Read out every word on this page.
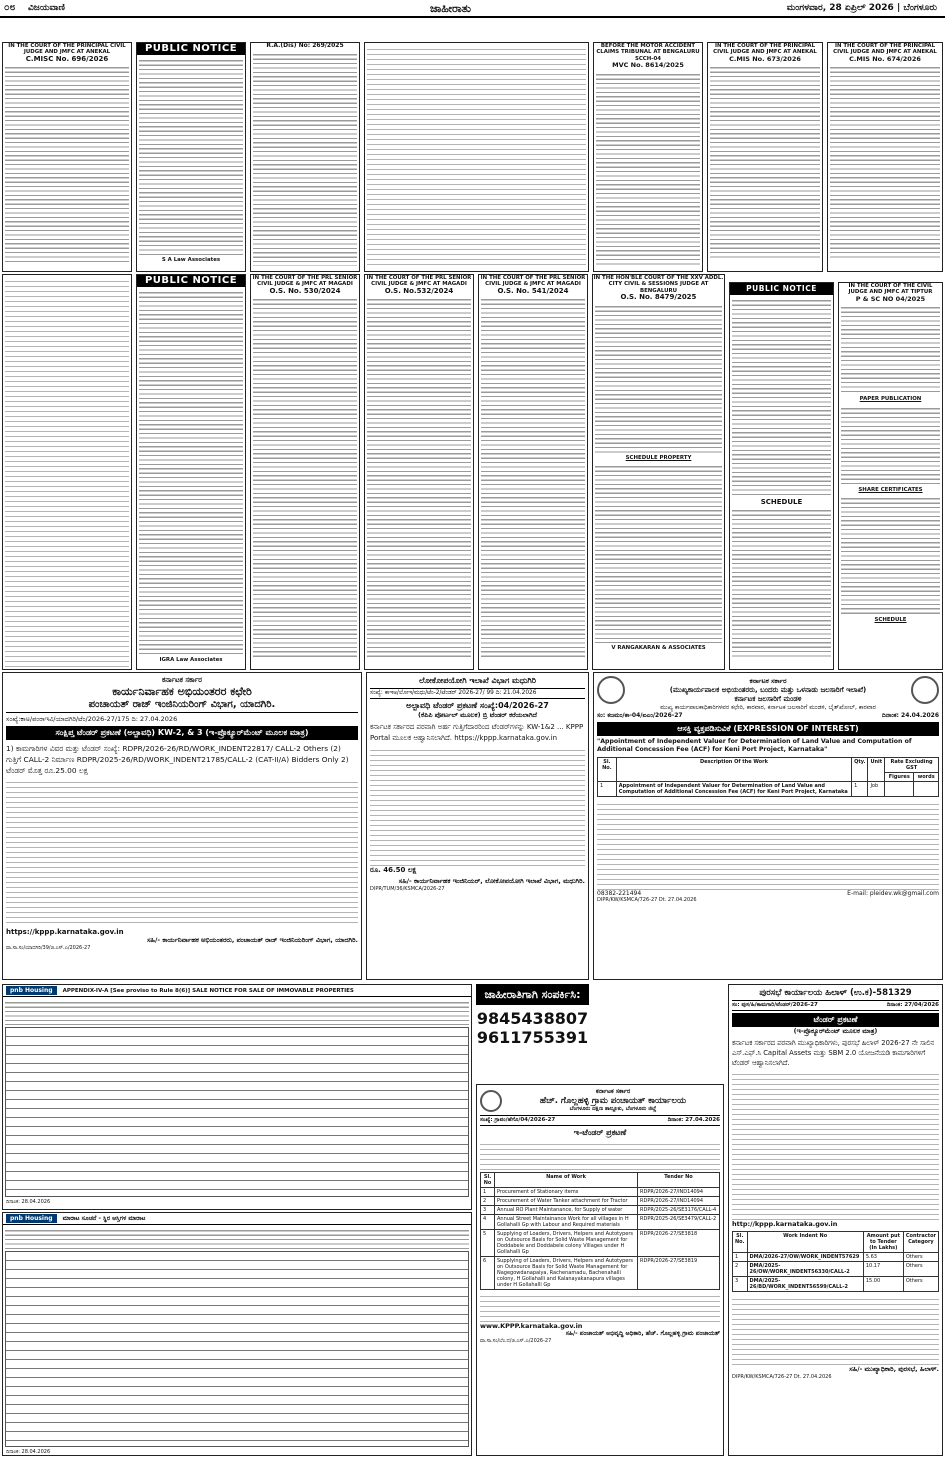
೦೮ ವಿಜಯವಾಣಿ	ಜಾಹೀರಾತು	ಮಂಗಳವಾರ, 28 ಏಪ್ರಿಲ್ 2026 | ಬೆಂಗಳೂರು
IN THE COURT OF THE PRINCIPAL CIVIL JUDGE AND JMFC AT ANEKAL
C.MISC No. 696/2026
PUBLIC NOTICE
S A Law Associates
R.A.(Dis) No: 269/2025	BEFORE THE MOTOR ACCIDENT CLAIMS TRIBUNAL AT BENGALURU SCCH-04
MVC No. 8614/2025
IN THE COURT OF THE PRINCIPAL CIVIL JUDGE AND JMFC AT ANEKAL
C.MIS No. 673/2026
IN THE COURT OF THE PRINCIPAL CIVIL JUDGE AND JMFC AT ANEKAL
C.MIS No. 674/2026
PUBLIC NOTICE
IGRA Law Associates
IN THE COURT OF THE PRL SENIOR CIVIL JUDGE & JMFC AT MAGADI
O.S. No. 530/2024
IN THE COURT OF THE PRL SENIOR CIVIL JUDGE & JMFC AT MAGADI
O.S. No.532/2024
IN THE COURT OF THE PRL SENIOR CIVIL JUDGE & JMFC AT MAGADI
O.S. No. 541/2024
IN THE HON'BLE COURT OF THE XXV ADDL. CITY CIVIL & SESSIONS JUDGE AT BENGALURU
O.S. No. 8479/2025
SCHEDULE PROPERTY
V RANGAKARAN & ASSOCIATES
PUBLIC NOTICE
SCHEDULE
IN THE COURT OF THE CIVIL JUDGE AND JMFC AT TIPTUR
P & SC NO 04/2025
PAPER PUBLICATION
SHARE CERTIFICATES
SCHEDULE
ಕರ್ನಾಟಕ ಸರ್ಕಾರ
ಕಾರ್ಯನಿರ್ವಾಹಕ ಅಭಿಯಂತರರ ಕಛೇರಿ
ಪಂಚಾಯತ್ ರಾಜ್ ಇಂಜಿನಿಯರಿಂಗ್ ವಿಭಾಗ, ಯಾದಗಿರಿ.
ಸಂಖ್ಯೆ:ಕಾಅ/ಪಂರಾಇವಿ/ಯಾದಗಿರಿ/ಟೆಂ/2026-27/175 ದಿ: 27.04.2026
ಸಂಕ್ಷಿಪ್ತ ಟೆಂಡರ್ ಪ್ರಕಟಣೆ (ಅಲ್ಪಾವಧಿ) KW-2, & 3 (ಇ-ಪ್ರೊಕ್ಯೂರ್‌ಮೆಂಟ್ ಮೂಲಕ ಮಾತ್ರ)
1) ಕಾಮಗಾರಿಗಳ ವಿವರ ಮತ್ತು ಟೆಂಡರ್ ಸಂಖ್ಯೆ: RDPR/2026-26/RD/WORK_INDENT22817/ CALL-2 Others (2) ಗುತ್ತಿಗೆ CALL-2 ನಿರ್ಮಾಣ RDPR/2025-26/RD/WORK_INDENT21785/CALL-2 (CAT-II/A) Bidders Only 2) ಟೆಂಡರ್ ಮೊತ್ತ ರೂ.25.00 ಲಕ್ಷ
https://kppp.karnataka.gov.in
ಸಹಿ/- ಕಾರ್ಯನಿರ್ವಾಹಕ ಅಭಿಯಂತರರು, ಪಂಚಾಯತ್ ರಾಜ್ ಇಂಜಿನಿಯರಿಂಗ್ ವಿಭಾಗ, ಯಾದಗಿರಿ.
ವಾ.ಸಾ.ಸಂ/ಯಾದಗಿರಿ/39/ಜಿ.ಎಸ್.ಎ/2026-27
ಲೋಕೋಪಯೋಗಿ ಇಲಾಖೆ ವಿಭಾಗ ಮಧುಗಿರಿ
ಸಂಖ್ಯೆ: ಕಾಇಅ/ಲೋಇ/ಮಧು/ಟೆಂ-2/ಟೆಂಡರ್ 2026-27/ 99 ದಿ: 21.04.2026
ಅಲ್ಪಾವಧಿ ಟೆಂಡರ್ ಪ್ರಕಟಣೆ ಸಂಖ್ಯೆ:04/2026-27
(ಕೆಪಿಪಿ ಪೋರ್ಟಲ್ ಮೂಲಕ) ಬ್ರಿ ಟೆಂಡರ್ ಕರೆಯಲಾಗಿದೆ
ಕರ್ನಾಟಕ ಸರ್ಕಾರದ ಪರವಾಗಿ ಅರ್ಹ ಗುತ್ತಿಗೆದಾರರಿಂದ ಟೆಂಡರ್‌ಗಳನ್ನು KW-1&2 ... KPPP Portal ಮೂಲಕ ಆಹ್ವಾನಿಸಲಾಗಿದೆ. https://kppp.karnataka.gov.in
ರೂ. 46.50 ಲಕ್ಷ
ಸಹಿ/- ಕಾರ್ಯನಿರ್ವಾಹಕ ಇಂಜಿನಿಯರ್, ಲೋಕೋಪಯೋಗಿ ಇಲಾಖೆ ವಿಭಾಗ, ಮಧುಗಿರಿ.
DIPR/TUM/36/KSMCA/2026-27
ಕರ್ನಾಟಕ ಸರ್ಕಾರ
(ಮುಖ್ಯಕಾರ್ಯಪಾಲಕ ಅಭಿಯಂತರರು, ಬಂದರು ಮತ್ತು ಒಳನಾಡು ಜಲಸಾರಿಗೆ ಇಲಾಖೆ)
ಕರ್ನಾಟಕ ಜಲಸಾರಿಗೆ ಮಂಡಳಿ
ಮುಖ್ಯ ಕಾರ್ಯಪಾಲಕಾಧಿಕಾರಿಗಳವರ ಕಛೇರಿ, ಕಾರವಾರ, ಕರ್ನಾಟಕ ಜಲಸಾರಿಗೆ ಮಂಡಳಿ, ಬೈತ್‌ಖೋಲ್, ಕಾರವಾರ
ಸಂ: ಕಜಮಂ/ಕಾ-04/ಐಎಂ/2026-27	ದಿನಾಂಕ: 24.04.2026
ಆಸಕ್ತಿ ವ್ಯಕ್ತಪಡಿಸುವಿಕೆ (EXPRESSION OF INTEREST)
"Appointment of Independent Valuer for Determination of Land Value and Computation of Additional Concession Fee (ACF) for Keni Port Project, Karnataka"
Sl. No.	Description Of the Work	Qty.	Unit	Rate Excluding GST	
				Figures	words
1	Appointment of Independent Valuer for Determination of Land Value and Computation of Additional Concession Fee (ACF) for Keni Port Project, Karnataka	1	Job		
08382-221494	E-mail: pleidev.wk@gmail.com
DIPR/KW/KSMCA/726-27 Dt. 27.04.2026
pnb Housing	APPENDIX-IV-A [See proviso to Rule 8(6)] SALE NOTICE FOR SALE OF IMMOVABLE PROPERTIES
ದಿನಾಂಕ: 28.04.2026
pnb Housing	ಮಾರಾಟ ಸೂಚನೆ - ಸ್ಥಿರ ಆಸ್ತಿಗಳ ಮಾರಾಟ
ದಿನಾಂಕ: 28.04.2026
ಜಾಹೀರಾತಿಗಾಗಿ ಸಂಪರ್ಕಿಸಿ:
9845438807
9611755391
ಕರ್ನಾಟಕ ಸರ್ಕಾರ
ಹೆಚ್. ಗೊಲ್ಲಹಳ್ಳಿ ಗ್ರಾಮ ಪಂಚಾಯತ್ ಕಾರ್ಯಾಲಯ
ಬೆಂಗಳೂರು ದಕ್ಷಿಣ ತಾಲ್ಲೂಕು, ಬೆಂಗಳೂರು ಜಿಲ್ಲೆ
ಸಂಖ್ಯೆ: ಗ್ರಾಪಂ/ಹೆಗೊ/04/2026-27	ದಿನಾಂಕ: 27.04.2026
ಇ-ಟೆಂಡರ್ ಪ್ರಕಟಣೆ
Sl. No	Name of Work	Tender No
1	Procurement of Stationary items	RDPR/2026-27/IND14094
2	Procurement of Water Tanker attachment for Tractor	RDPR/2026-27/IND14094
3	Annual RO Plant Maintanance, for Supply of water	RDPR/2025-26/SE3176/CALL-4
4	Annual Street Maintainance Work for all villages in H Gollahalli Gp with Labour and Required materials	RDPR/2025-26/SE3479/CALL-2
5	Supplying of Loaders, Drivers, Helpers and Autotypers on Outsource Basis for Solid Waste Management for Doddabele and Doddabele colony Villages under H Gollahalli Gp	RDPR/2026-27/SE3818
6	Supplying of Loaders, Drivers, Helpers and Autotypers on Outsource Basis for Solid Waste Management for Nagegowdanapalya, Rachenamadu, Bachenahalli colony, H Gollahalli and Kalanayakanapura villages under H Gollahalli Gp	RDPR/2026-27/SE3819
www.KPPP.karnataka.gov.in
ಸಹಿ/- ಪಂಚಾಯತ್ ಅಭಿವೃದ್ಧಿ ಅಧಿಕಾರಿ, ಹೆಚ್. ಗೊಲ್ಲಹಳ್ಳಿ ಗ್ರಾಮ ಪಂಚಾಯತ್
ವಾ.ಸಾ.ಸಂ/ಬೆಂ.ದ/ಜಿ.ಎಸ್.ಎ/2026-27
ಪುರಸಭೆ ಕಾರ್ಯಾಲಯ ಹಿಲಾಳ್ (ಉ.ಕ)-581329
ಸಂ: ಪುಸ/ಹಿ/ಕಾಮಗಾರಿ/ಟೆಂಡರ್/2026-27	ದಿನಾಂಕ: 27/04/2026
ಟೆಂಡರ್ ಪ್ರಕಟಣೆ
(ಇ-ಪ್ರೊಕ್ಯೂರ್‌ಮೆಂಟ್ ಮೂಲಕ ಮಾತ್ರ)
ಕರ್ನಾಟಕ ಸರ್ಕಾರದ ಪರವಾಗಿ ಮುಖ್ಯಾಧಿಕಾರಿಗಳು, ಪುರಸಭೆ ಹಿಲಾಳ್ 2026-27 ನೇ ಸಾಲಿನ ಎಸ್.ಎಫ್.ಸಿ Capital Assets ಮತ್ತು SBM 2.0 ಯೋಜನೆಯಡಿ ಕಾಮಗಾರಿಗಳಿಗೆ ಟೆಂಡರ್ ಆಹ್ವಾನಿಸಲಾಗಿದೆ.
http://kppp.karnataka.gov.in
Sl. No.	Work Indent No	Amount put to Tender (In Lakhs)	Contractor Category
1	DMA/2026-27/OW/WORK_INDENT57629	5.63	Others
2	DMA/2025-26/OW/WORK_INDENT56330/CALL-2	10.17	Others
3	DMA/2025-26/BD/WORK_INDENT56599/CALL-2	15.00	Others
ಸಹಿ/- ಮುಖ್ಯಾಧಿಕಾರಿ, ಪುರಸಭೆ, ಹಿಲಾಳ್.
DIPR/KW/KSMCA/726-27 Dt. 27.04.2026
